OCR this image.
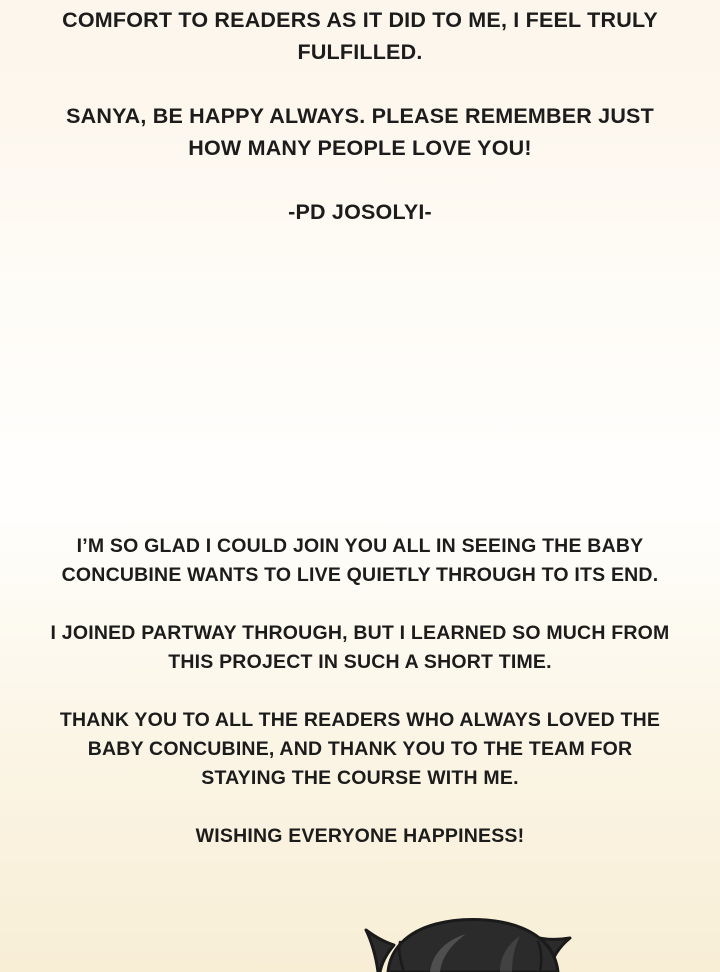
COMFORT TO READERS AS IT DID TO ME, I FEEL TRULY FULFILLED.

SANYA, BE HAPPY ALWAYS. PLEASE REMEMBER JUST HOW MANY PEOPLE LOVE YOU!

-PD JOSOLYI-

I’M SO GLAD I COULD JOIN YOU ALL IN SEEING THE BABY CONCUBINE WANTS TO LIVE QUIETLY THROUGH TO ITS END.

I JOINED PARTWAY THROUGH, BUT I LEARNED SO MUCH FROM THIS PROJECT IN SUCH A SHORT TIME.

THANK YOU TO ALL THE READERS WHO ALWAYS LOVED THE BABY CONCUBINE, AND THANK YOU TO THE TEAM FOR STAYING THE COURSE WITH ME.

WISHING EVERYONE HAPPINESS!
